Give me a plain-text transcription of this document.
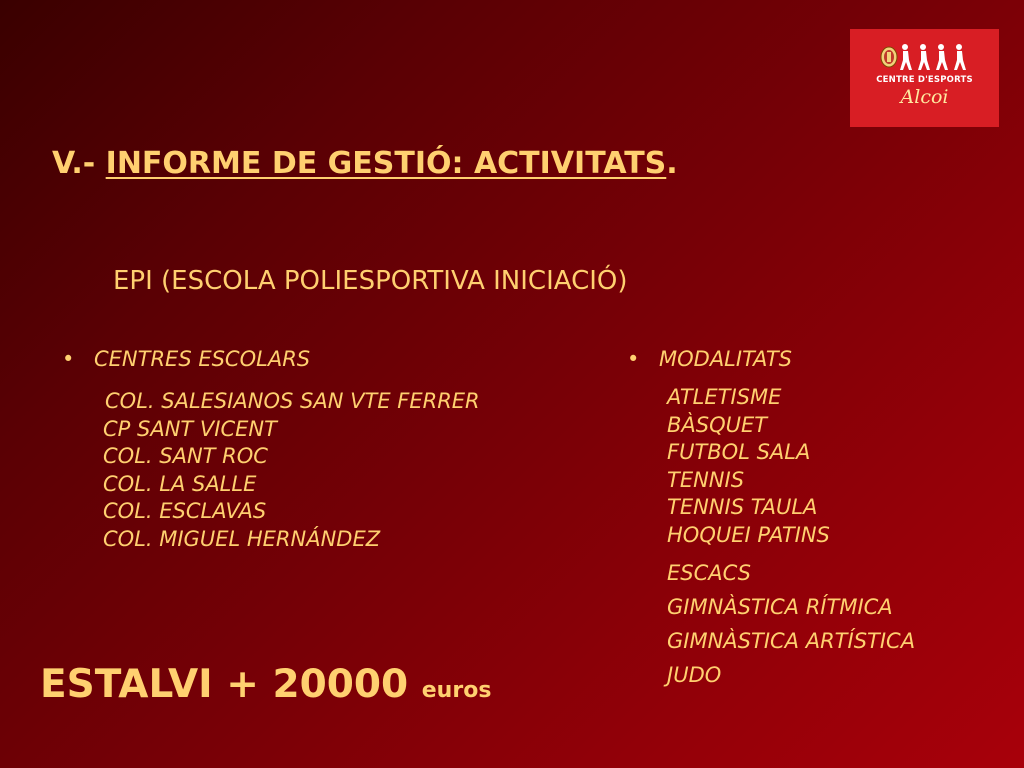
CENTRE D'ESPORTS
Alcoi
V.- INFORME DE GESTIÓ: ACTIVITATS.
EPI (ESCOLA POLIESPORTIVA INICIACIÓ)
• CENTRES ESCOLARS
COL. SALESIANOS SAN VTE FERRER
CP SANT VICENT
COL. SANT ROC
COL. LA SALLE
COL. ESCLAVAS
COL. MIGUEL HERNÁNDEZ
• MODALITATS
ATLETISME
BÀSQUET
FUTBOL SALA
TENNIS
TENNIS TAULA
HOQUEI PATINS
ESCACS
GIMNÀSTICA RÍTMICA
GIMNÀSTICA ARTÍSTICA
JUDO
ESTALVI + 20000 euros
